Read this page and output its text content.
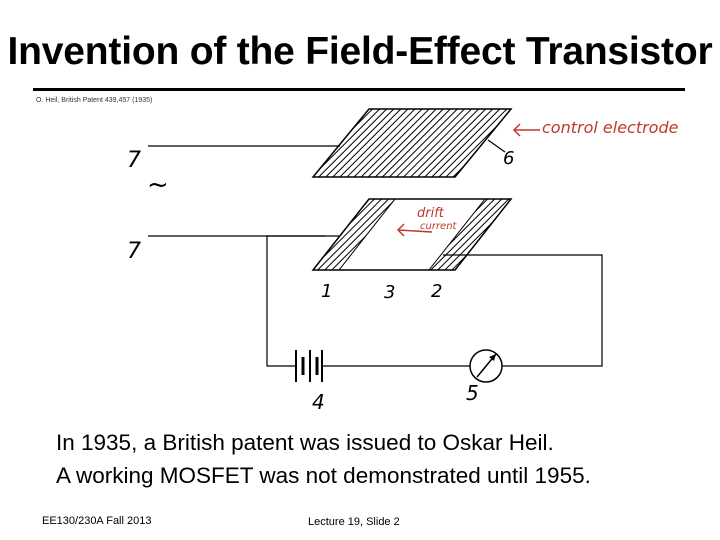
Invention of the Field-Effect Transistor
O. Heil, British Patent 439,457 (1935)
7
~
7
6
1	3 2
4	5
control electrode
drift
current
In 1935, a British patent was issued to Oskar Heil.
A working MOSFET was not demonstrated until 1955.
EE130/230A Fall 2013	Lecture 19, Slide 2
